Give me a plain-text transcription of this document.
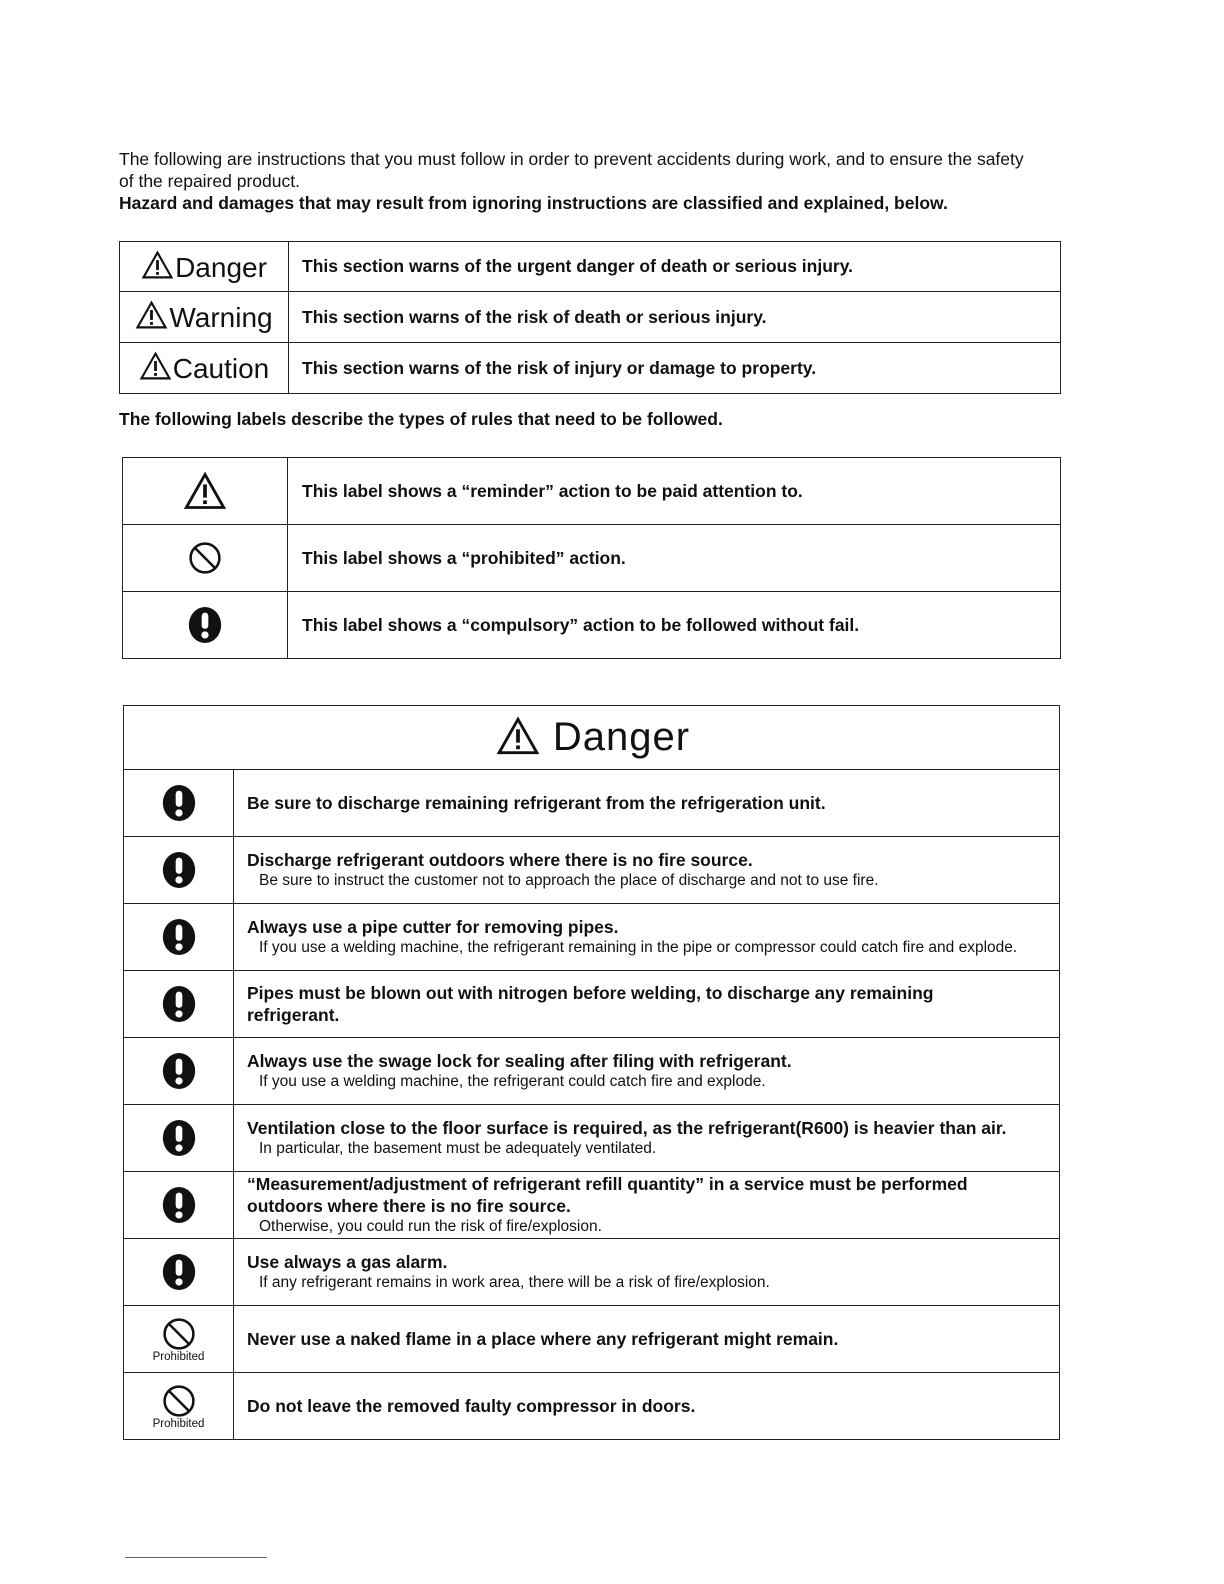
The following are instructions that you must follow in order to prevent accidents during work, and to ensure the safety of the repaired product.

Hazard and damages that may result from ignoring instructions are classified and explained, below.

Danger	This section warns of the urgent danger of death or serious injury.
Warning	This section warns of the risk of death or serious injury.
Caution	This section warns of the risk of injury or damage to property.
The following labels describe the types of rules that need to be followed.
	This label shows a “reminder” action to be paid attention to.
	This label shows a “prohibited” action.
	This label shows a “compulsory” action to be followed without fail.
Danger	

Be sure to discharge remaining refrigerant from the refrigeration unit.

Discharge refrigerant outdoors where there is no fire source.
Be sure to instruct the customer not to approach the place of discharge and not to use fire.

Always use a pipe cutter for removing pipes.
If you use a welding machine, the refrigerant remaining in the pipe or compressor could catch fire and explode.

Pipes must be blown out with nitrogen before welding, to discharge any remaining refrigerant.

Always use the swage lock for sealing after filing with refrigerant.
If you use a welding machine, the refrigerant could catch fire and explode.

Ventilation close to the floor surface is required, as the refrigerant(R600) is heavier than air.
In particular, the basement must be adequately ventilated.

“Measurement/adjustment of refrigerant refill quantity” in a service must be performed outdoors where there is no fire source.
Otherwise, you could run the risk of fire/explosion.

Use always a gas alarm.
If any refrigerant remains in work area, there will be a risk of fire/explosion.

Prohibited	Never use a naked flame in a place where any refrigerant might remain.

Prohibited	Do not leave the removed faulty compressor in doors.
